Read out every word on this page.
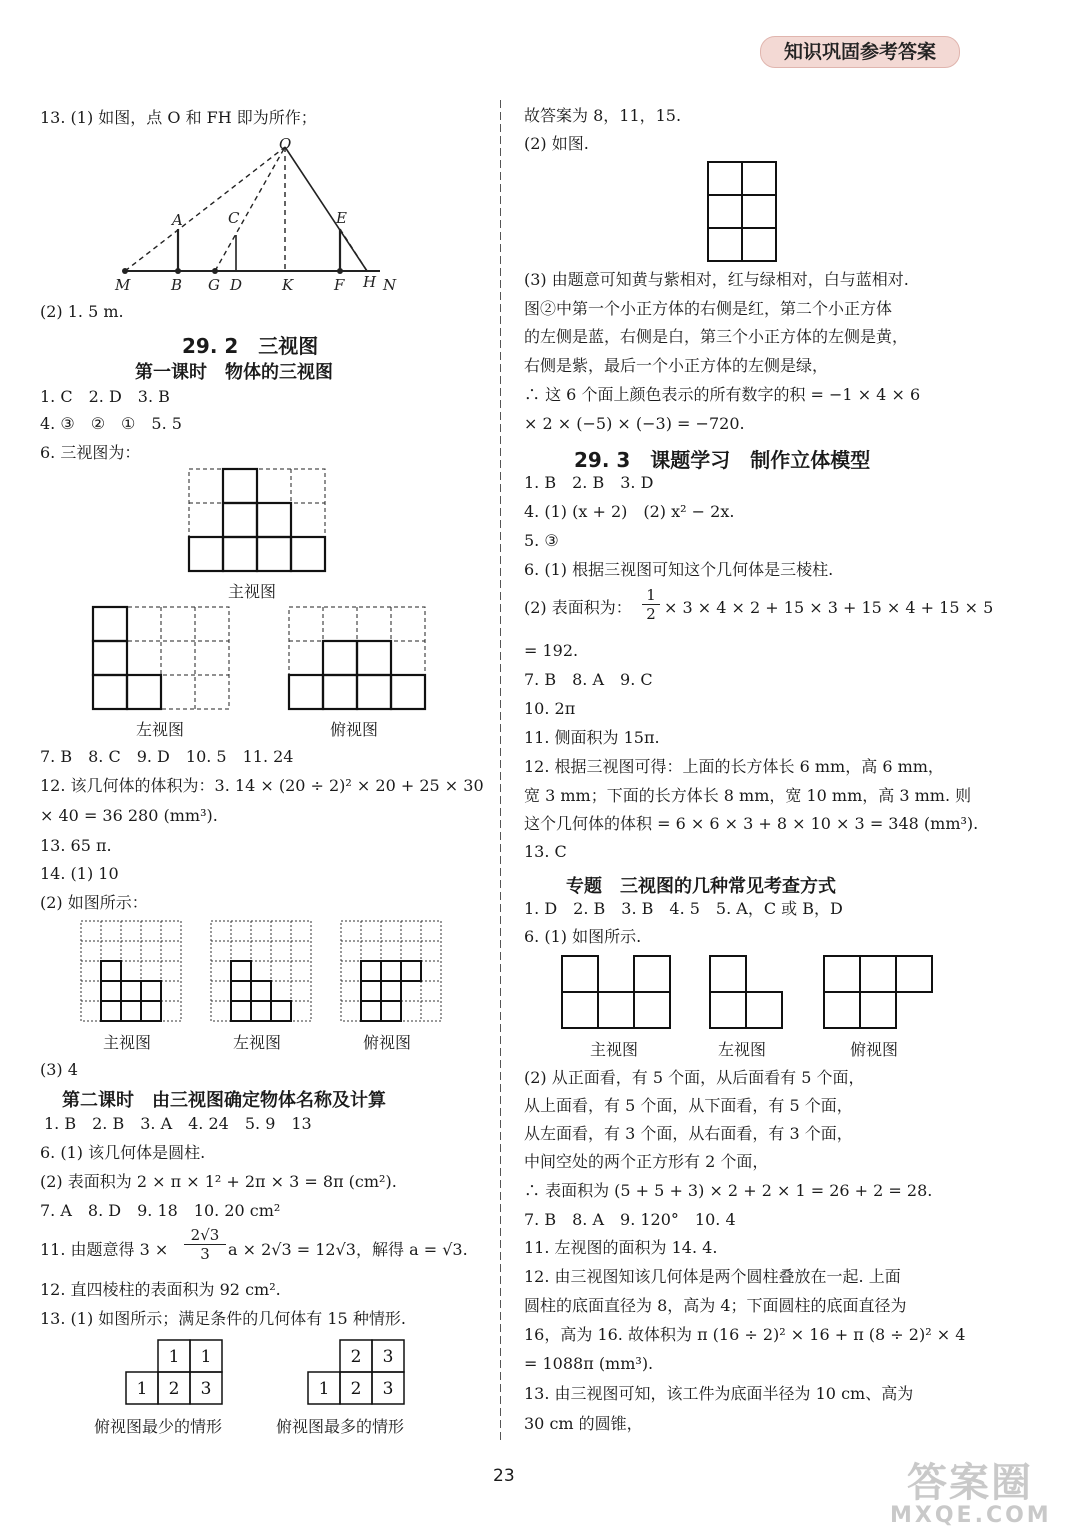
知识巩固参考答案
13. (1) 如图，点 O 和 FH 即为所作；
O
A	C	E
M	B G D	K	F H N
(2) 1. 5 m.
29. 2　三视图
第一课时　物体的三视图
1. C　2. D　3. B
4. ③　②　①　5. 5
6. 三视图为：
主视图
左视图	俯视图
7. B　8. C　9. D　10. 5　11. 24
12. 该几何体的体积为：3. 14 × (20 ÷ 2)² × 20 + 25 × 30
× 40 = 36 280 (mm³).
13. 65 π.
14. (1) 10
(2) 如图所示：
主视图	左视图	俯视图
(3) 4
第二课时　由三视图确定物体名称及计算
1. B　2. B　3. A　4. 24　5. 9　13
6. (1) 该几何体是圆柱.
(2) 表面积为 2 × π × 1² + 2π × 3 = 8π (cm²).
7. A　8. D　9. 18　10. 20 cm²
11. 由题意得 $3 \times \frac{2√3}{3}$ a × 2√3 = 12√3，解得 a = √3.
12. 直四棱柱的表面积为 92 cm².
13. (1) 如图所示；满足条件的几何体有 15 种情形.
1 1
1 2 3
俯视图最少的情形
2 3
1 2 3
俯视图最多的情形
故答案为 8，11，15.
(2) 如图.
(3) 由题意可知黄与紫相对，红与绿相对，白与蓝相对.
图②中第一个小正方体的右侧是红，第二个小正方体
的左侧是蓝，右侧是白，第三个小正方体的左侧是黄，
右侧是紫，最后一个小正方体的左侧是绿，
∴ 这 6 个面上颜色表示的所有数字的积 = −1 × 4 × 6
× 2 × (−5) × (−3) = −720.
29. 3　课题学习　制作立体模型
1. B　2. B　3. D
4. (1) (x + 2)　(2) x² − 2x.
5. ③
6. (1) 根据三视图可知这个几何体是三棱柱.
(2) 表面积为： $\frac{1}{2} \times 3 \times 4 \times 2 + 15 \times 3 + 15 \times 4 + 15 \times 5$
= 192.
7. B　8. A　9. C
10. 2π
11. 侧面积为 15π.
12. 根据三视图可得：上面的长方体长 6 mm，高 6 mm，
宽 3 mm；下面的长方体长 8 mm，宽 10 mm，高 3 mm. 则
这个几何体的体积 = 6 × 6 × 3 + 8 × 10 × 3 = 348 (mm³).
13. C
专题　三视图的几种常见考查方式
1. D　2. B　3. B　4. 5　5. A，C 或 B，D
6. (1) 如图所示.
主视图	左视图	俯视图
(2) 从正面看，有 5 个面，从后面看有 5 个面，
从上面看，有 5 个面，从下面看，有 5 个面，
从左面看，有 3 个面，从右面看，有 3 个面，
中间空处的两个正方形有 2 个面，
∴ 表面积为 (5 + 5 + 3) × 2 + 2 × 1 = 26 + 2 = 28.
7. B　8. A　9. 120°　10. 4
11. 左视图的面积为 14. 4.
12. 由三视图知该几何体是两个圆柱叠放在一起. 上面
圆柱的底面直径为 8，高为 4；下面圆柱的底面直径为
16，高为 16. 故体积为 π (16 ÷ 2)² × 16 + π (8 ÷ 2)² × 4
= 1088π (mm³).
13. 由三视图可知，该工件为底面半径为 10 cm、高为
30 cm 的圆锥，
23	答案圈
MXQE.COM
